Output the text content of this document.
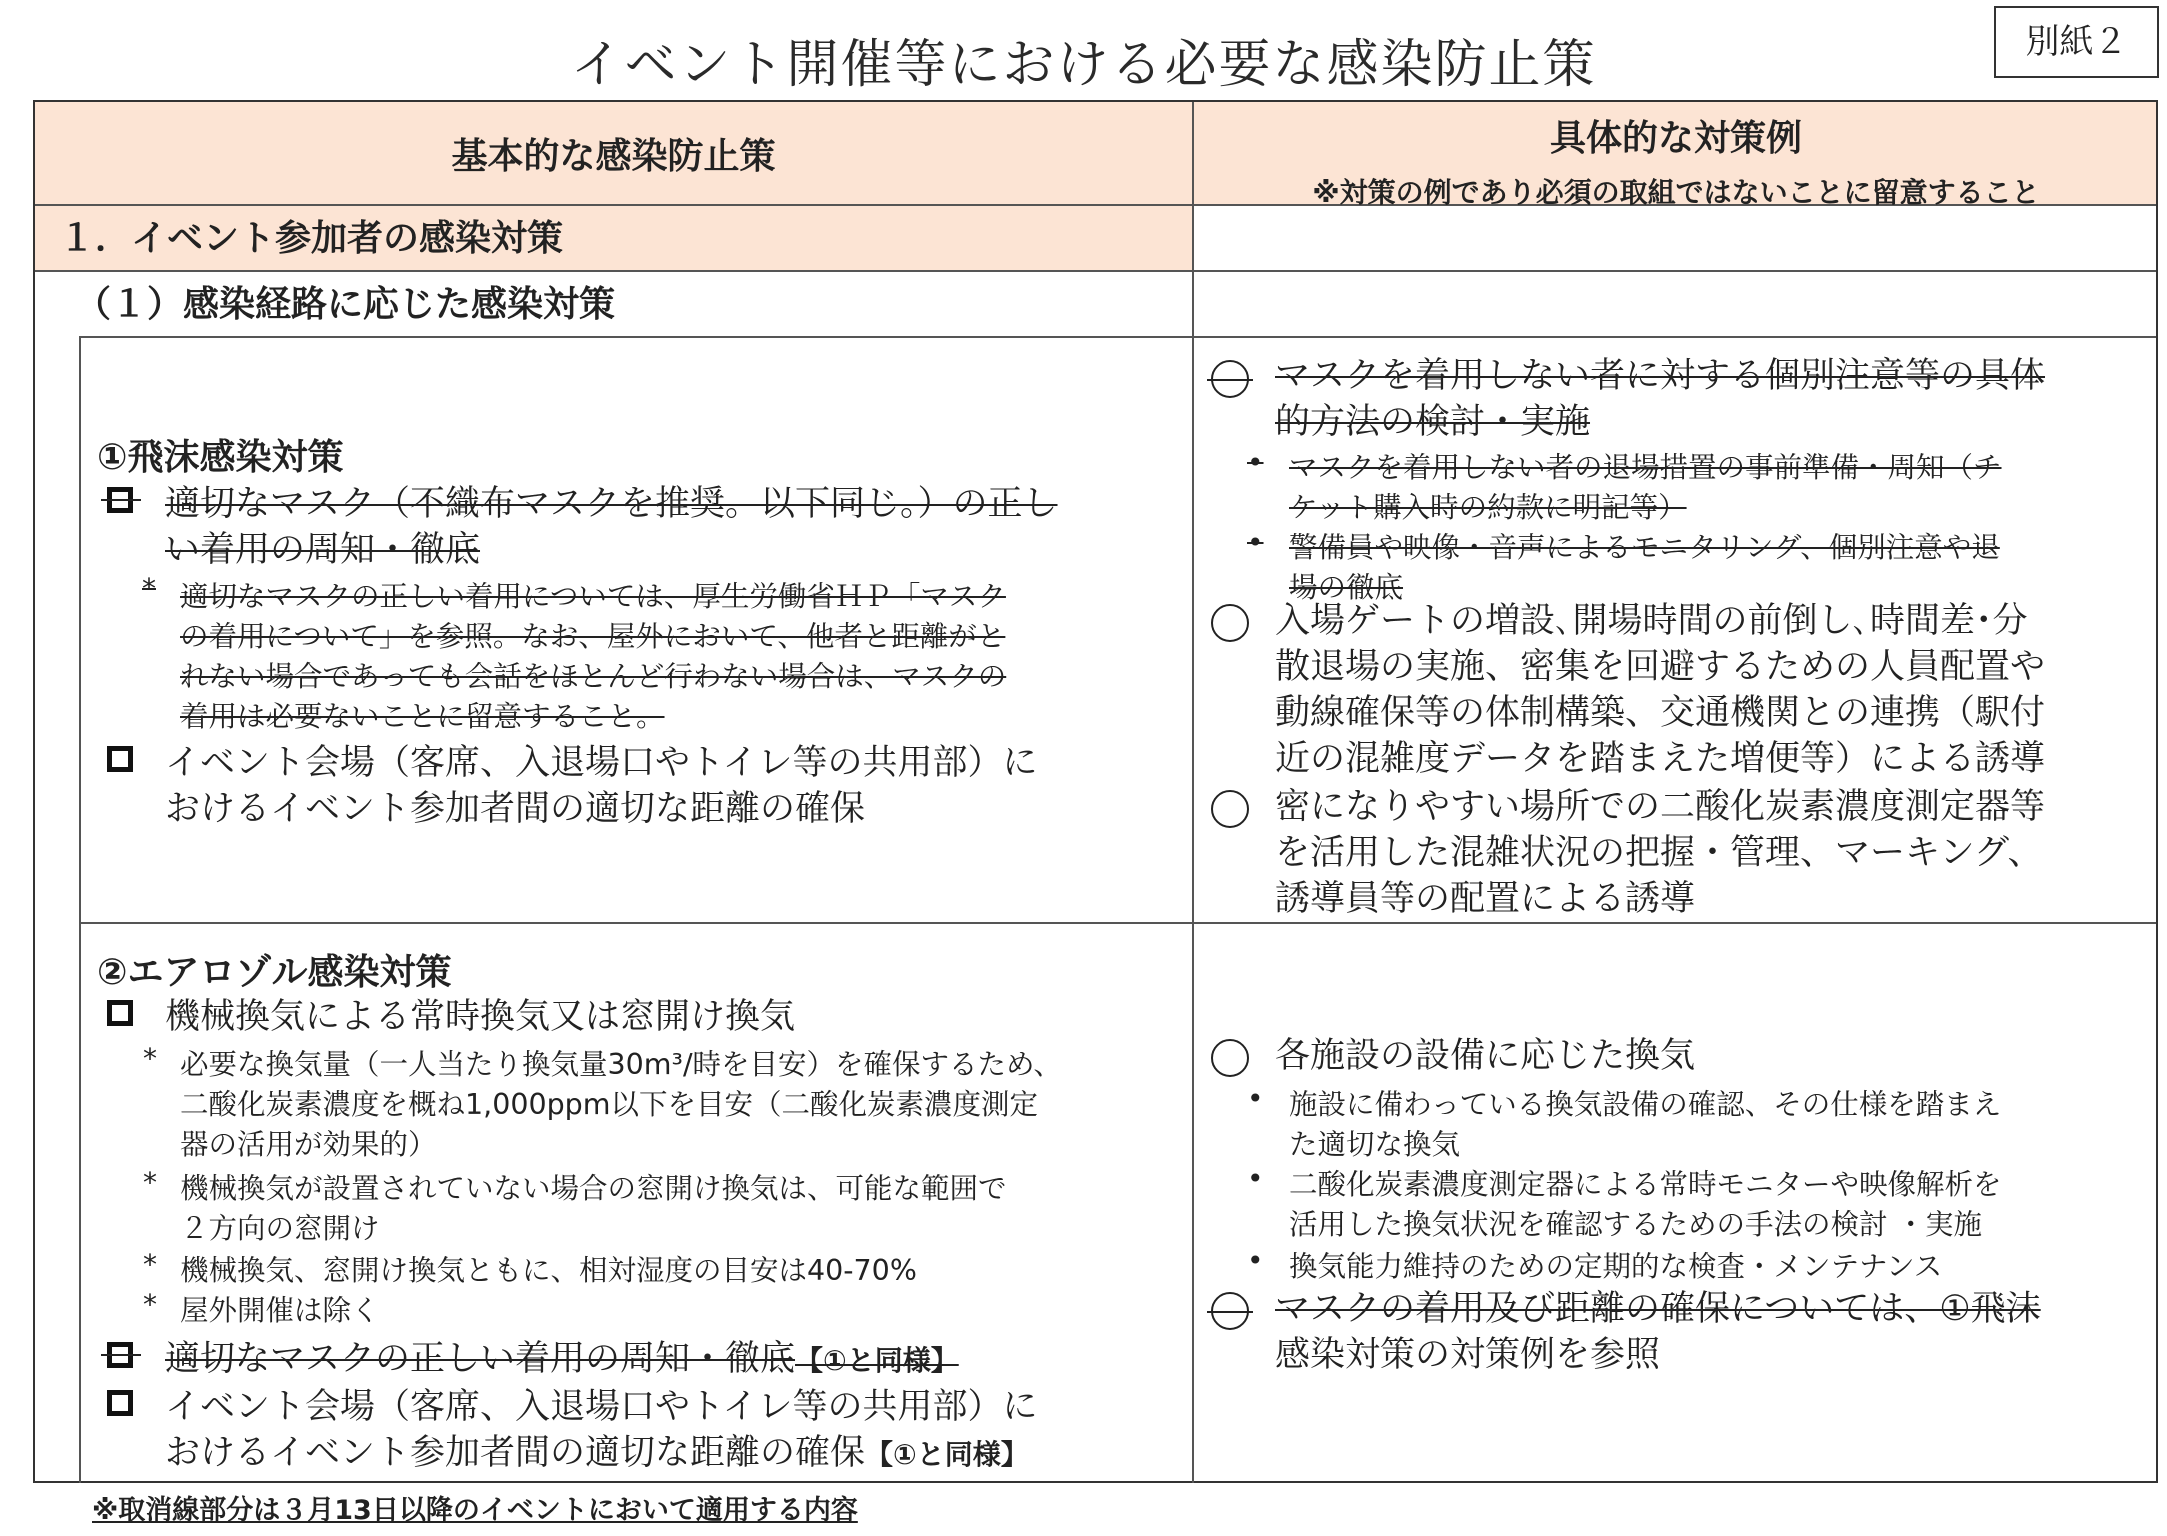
イベント開催等における必要な感染防止策	別紙２
基本的な感染防止策	具体的な対策例
※対策の例であり必須の取組ではないことに留意すること
１．イベント参加者の感染対策
（１）感染経路に応じた感染対策
①飛沫感染対策
適切なマスク（不織布マスクを推奨。以下同じ。）の正し
い着用の周知・徹底
* 適切なマスクの正しい着用については、厚生労働省ＨＰ「マスク
の着用について」を参照。なお、屋外において、他者と距離がと
れない場合であっても会話をほとんど行わない場合は、マスクの
着用は必要ないことに留意すること。
イベント会場（客席、入退場口やトイレ等の共用部）に
おけるイベント参加者間の適切な距離の確保
マスクを着用しない者に対する個別注意等の具体
的方法の検討・実施
• マスクを着用しない者の退場措置の事前準備・周知（チ
ケット購入時の約款に明記等）
• 警備員や映像・音声によるモニタリング、個別注意や退
場の徹底
入場ゲートの増設､開場時間の前倒し､時間差･分
散退場の実施、密集を回避するための人員配置や
動線確保等の体制構築、交通機関との連携（駅付
近の混雑度データを踏まえた増便等）による誘導
密になりやすい場所での二酸化炭素濃度測定器等
を活用した混雑状況の把握・管理、マーキング、
誘導員等の配置による誘導
②エアロゾル感染対策
機械換気による常時換気又は窓開け換気
* 必要な換気量（一人当たり換気量30m³/時を目安）を確保するため、
二酸化炭素濃度を概ね1,000ppm以下を目安（二酸化炭素濃度測定
器の活用が効果的）
* 機械換気が設置されていない場合の窓開け換気は、可能な範囲で
２方向の窓開け
* 機械換気、窓開け換気ともに、相対湿度の目安は40-70%
* 屋外開催は除く
適切なマスクの正しい着用の周知・徹底【①と同様】
イベント会場（客席、入退場口やトイレ等の共用部）に
おけるイベント参加者間の適切な距離の確保【①と同様】
各施設の設備に応じた換気
• 施設に備わっている換気設備の確認、その仕様を踏まえ
た適切な換気
• 二酸化炭素濃度測定器による常時モニターや映像解析を
活用した換気状況を確認するための手法の検討 ・実施
• 換気能力維持のための定期的な検査・メンテナンス
マスクの着用及び距離の確保については、①飛沫
感染対策の対策例を参照
※取消線部分は３月13日以降のイベントにおいて適用する内容
